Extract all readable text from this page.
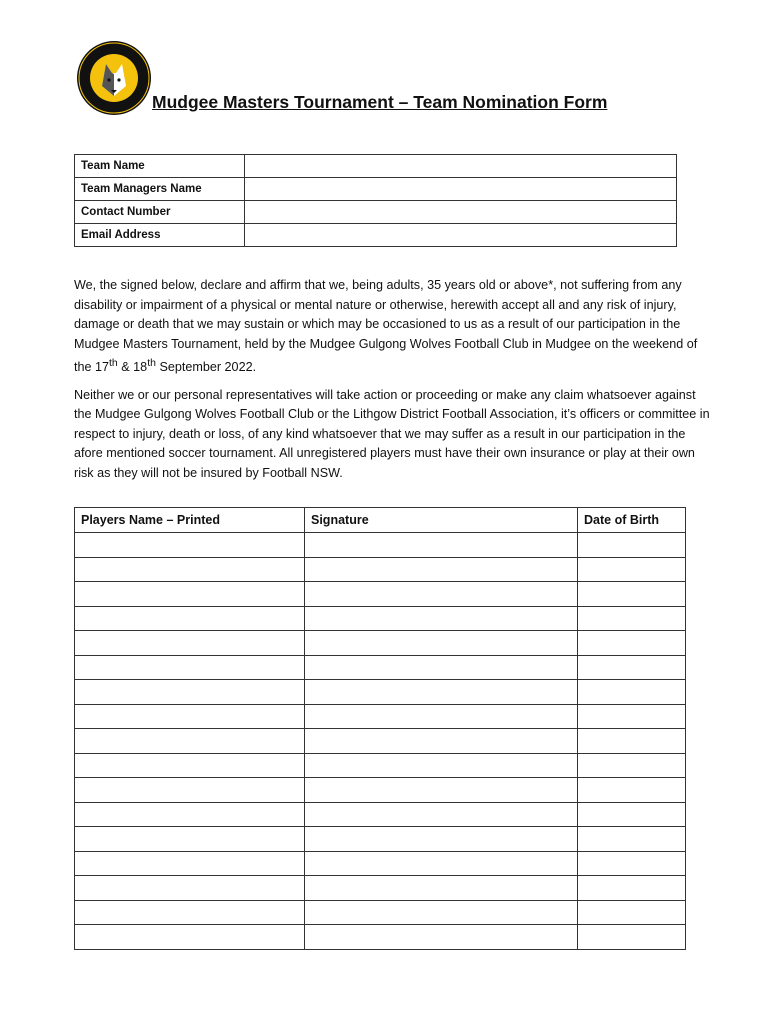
Mudgee Masters Tournament – Team Nomination Form
Team Name	
Team Managers Name	
Contact Number	
Email Address	

We, the signed below, declare and affirm that we, being adults, 35 years old or above*, not suffering from any disability or impairment of a physical or mental nature or otherwise, herewith accept all and any risk of injury, damage or death that we may sustain or which may be occasioned to us as a result of our participation in the Mudgee Masters Tournament, held by the Mudgee Gulgong Wolves Football Club in Mudgee on the weekend of the 17th & 18th September 2022.

Neither we or our personal representatives will take action or proceeding or make any claim whatsoever against the Mudgee Gulgong Wolves Football Club or the Lithgow District Football Association, it’s officers or committee in respect to injury, death or loss, of any kind whatsoever that we may suffer as a result in our participation in the afore mentioned soccer tournament. All unregistered players must have their own insurance or play at their own risk as they will not be insured by Football NSW.

Players Name – Printed	Signature	Date of Birth
